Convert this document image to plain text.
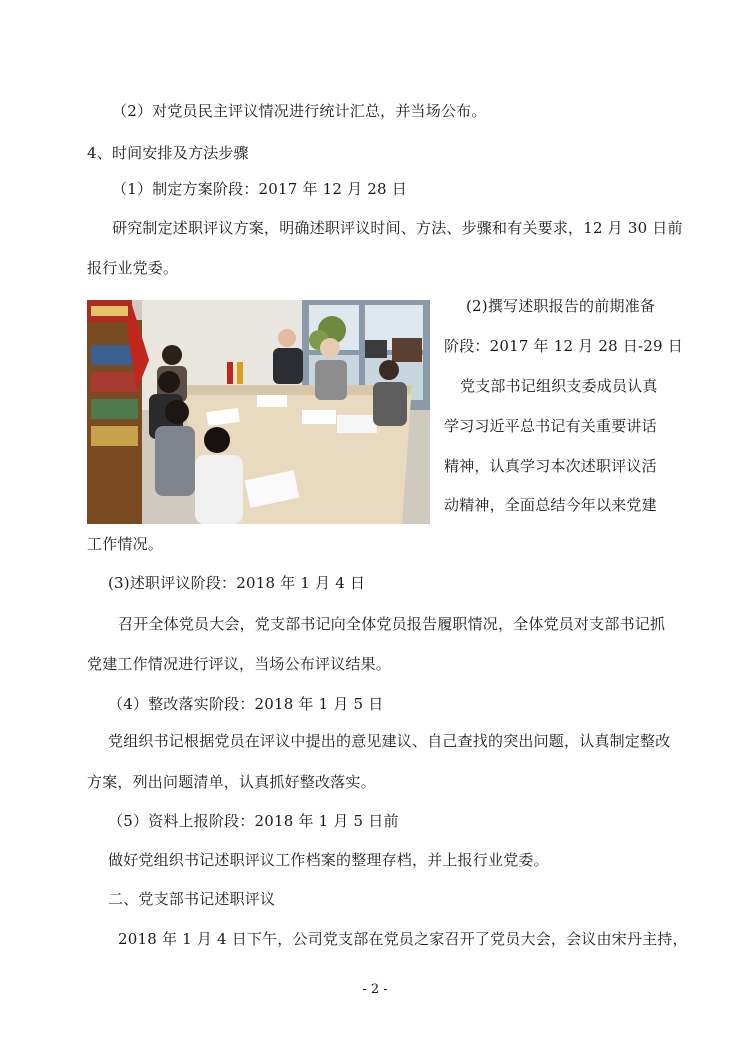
（2）对党员民主评议情况进行统计汇总，并当场公布。
4、时间安排及方法步骤
（1）制定方案阶段：2017 年 12 月 28 日
研究制定述职评议方案，明确述职评议时间、方法、步骤和有关要求，12 月 30 日前
报行业党委。
(2)撰写述职报告的前期准备
阶段：2017 年 12 月 28 日-29 日
党支部书记组织支委成员认真
学习习近平总书记有关重要讲话
精神，认真学习本次述职评议活
动精神，全面总结今年以来党建
工作情况。
(3)述职评议阶段：2018 年 1 月 4 日
召开全体党员大会，党支部书记向全体党员报告履职情况，全体党员对支部书记抓
党建工作情况进行评议，当场公布评议结果。
（4）整改落实阶段：2018 年 1 月 5 日
党组织书记根据党员在评议中提出的意见建议、自己查找的突出问题，认真制定整改
方案，列出问题清单，认真抓好整改落实。
（5）资料上报阶段：2018 年 1 月 5 日前
做好党组织书记述职评议工作档案的整理存档，并上报行业党委。
二、党支部书记述职评议
2018 年 1 月 4 日下午，公司党支部在党员之家召开了党员大会，会议由宋丹主持，
- 2 -
